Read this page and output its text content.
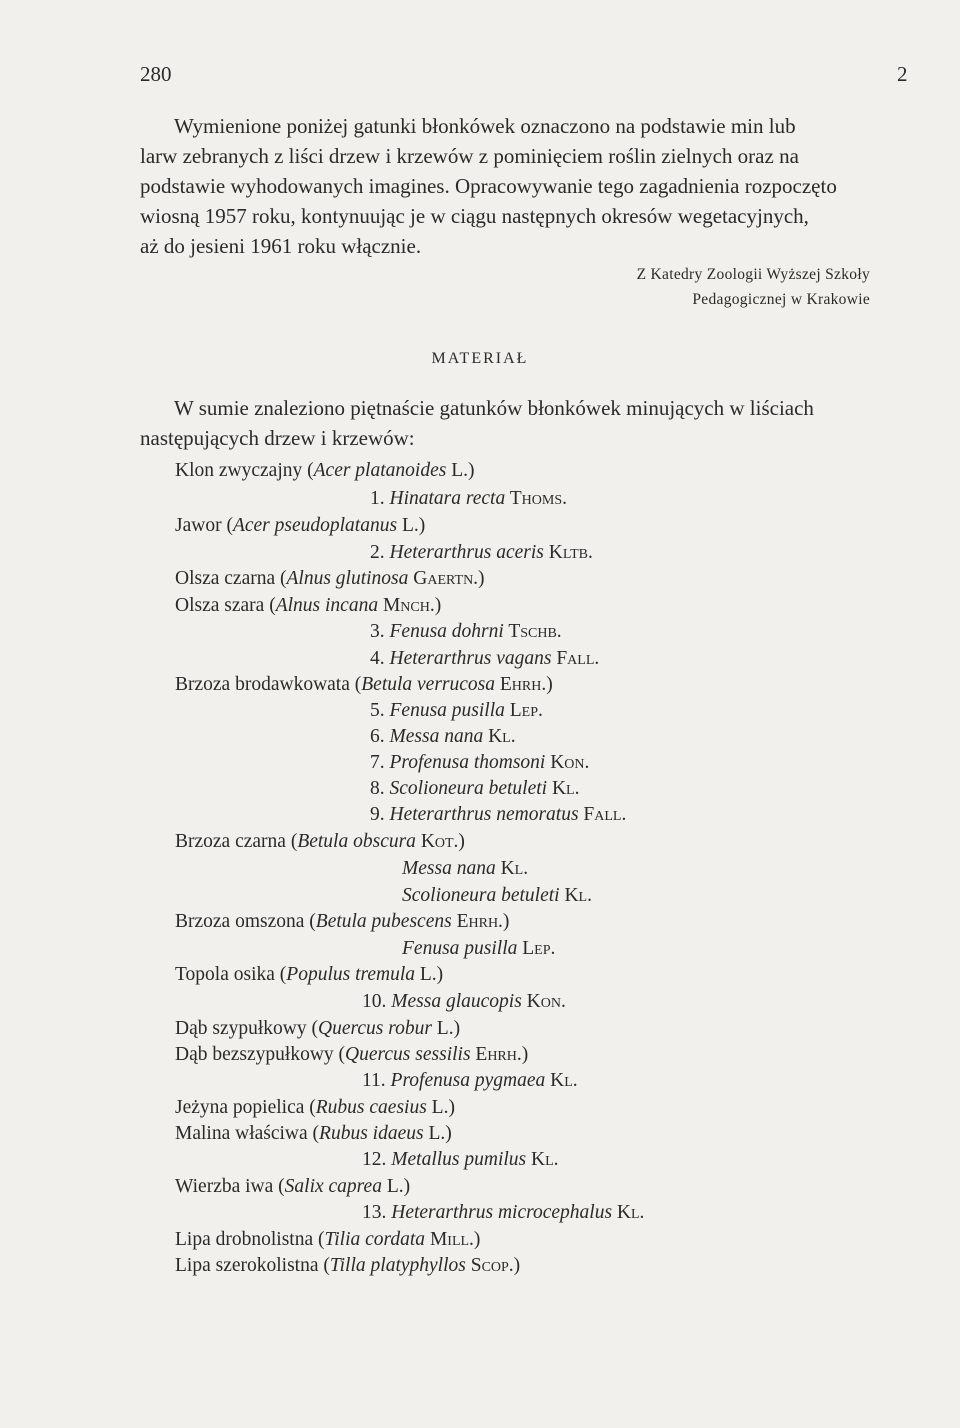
280	2

Wymienione poniżej gatunki błonkówek oznaczono na podstawie min lub

larw zebranych z liści drzew i krzewów z pominięciem roślin zielnych oraz na

podstawie wyhodowanych imagines. Opracowywanie tego zagadnienia rozpoczęto

wiosną 1957 roku, kontynuując je w ciągu następnych okresów wegetacyjnych,

aż do jesieni 1961 roku włącznie.

Z Katedry Zoologii Wyższej Szkoły
Pedagogicznej w Krakowie
MATERIAŁ

W sumie znaleziono piętnaście gatunków błonkówek minujących w liściach

następujących drzew i krzewów:

Klon zwyczajny (Acer platanoides L.)
1. Hinatara recta Thoms.
Jawor (Acer pseudoplatanus L.)
2. Heterarthrus aceris Kltb.
Olsza czarna (Alnus glutinosa Gaertn.)
Olsza szara (Alnus incana Mnch.)
3. Fenusa dohrni Tschb.
4. Heterarthrus vagans Fall.
Brzoza brodawkowata (Betula verrucosa Ehrh.)
5. Fenusa pusilla Lep.
6. Messa nana Kl.
7. Profenusa thomsoni Kon.
8. Scolioneura betuleti Kl.
9. Heterarthrus nemoratus Fall.
Brzoza czarna (Betula obscura Kot.)
Messa nana Kl.
Scolioneura betuleti Kl.
Brzoza omszona (Betula pubescens Ehrh.)
Fenusa pusilla Lep.
Topola osika (Populus tremula L.)
10. Messa glaucopis Kon.
Dąb szypułkowy (Quercus robur L.)
Dąb bezszypułkowy (Quercus sessilis Ehrh.)
11. Profenusa pygmaea Kl.
Jeżyna popielica (Rubus caesius L.)
Malina właściwa (Rubus idaeus L.)
12. Metallus pumilus Kl.
Wierzba iwa (Salix caprea L.)
13. Heterarthrus microcephalus Kl.
Lipa drobnolistna (Tilia cordata Mill.)
Lipa szerokolistna (Tilla platyphyllos Scop.)
